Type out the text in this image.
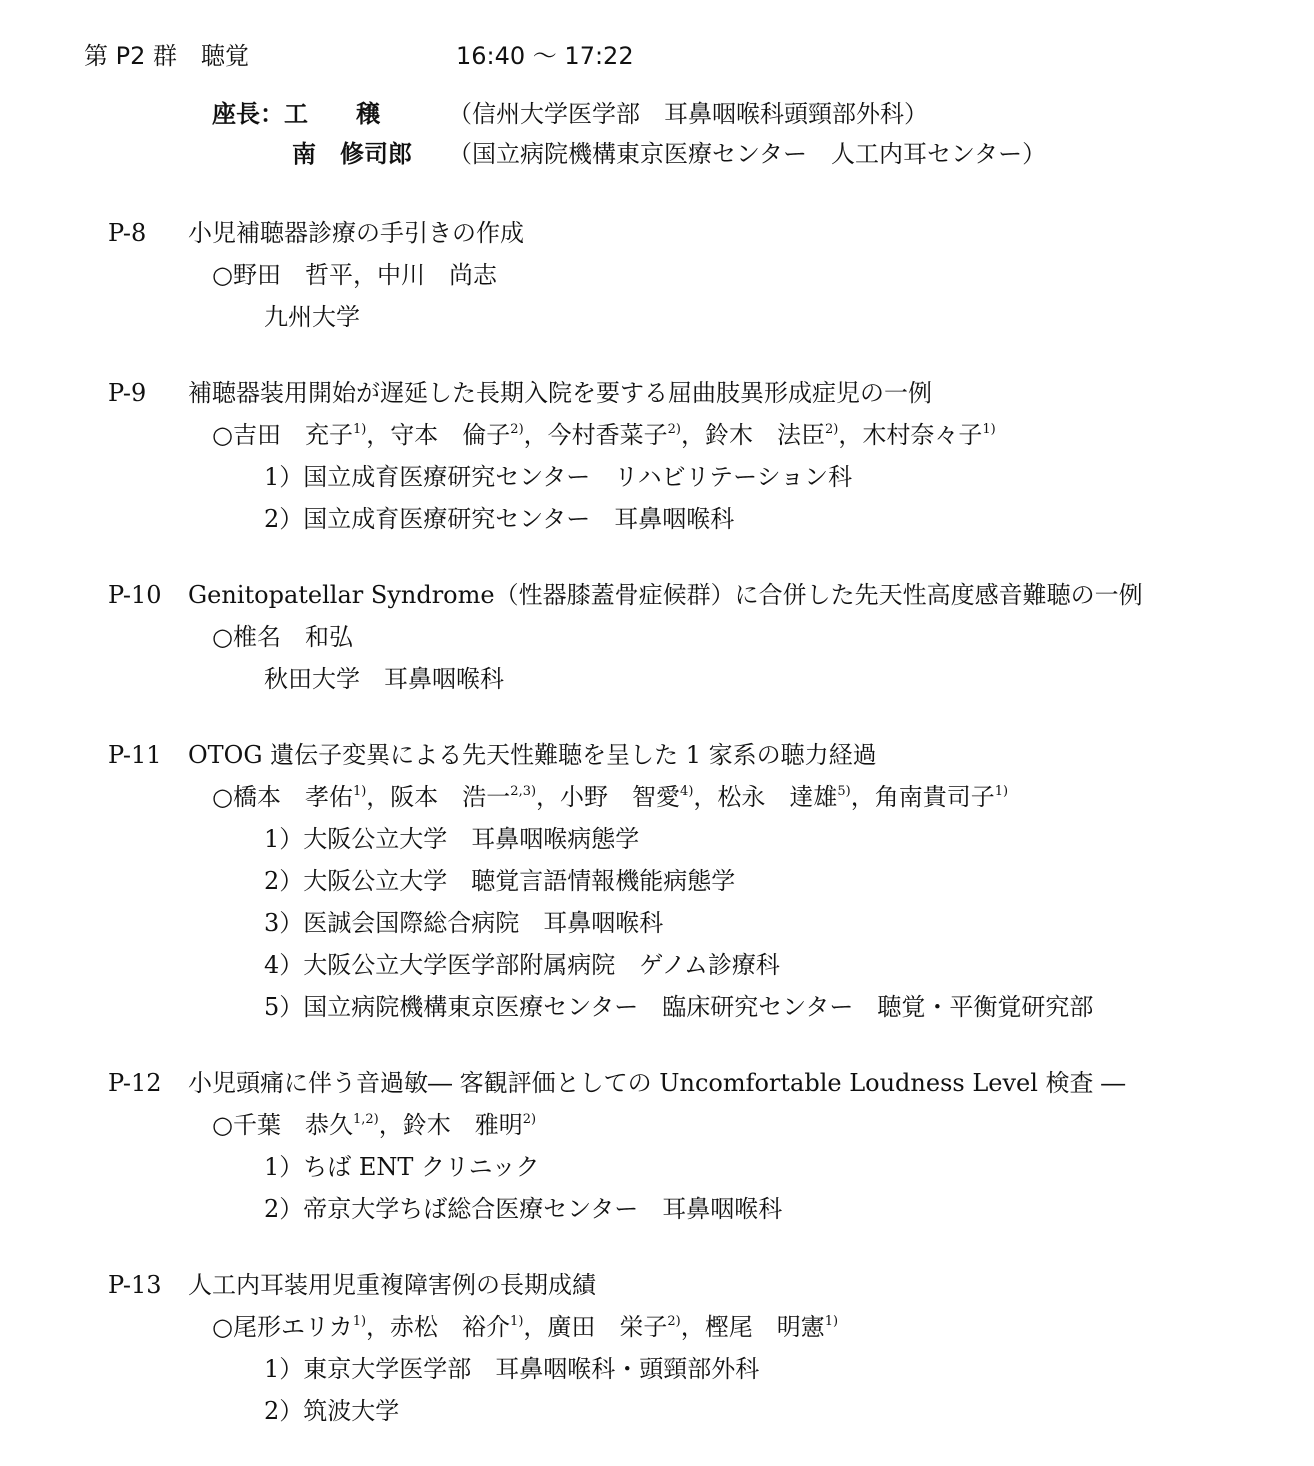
第 P2 群　聴覚	16:40 〜 17:22
座長：工　　穣	（信州大学医学部　耳鼻咽喉科頭頸部外科）
南　修司郎 （国立病院機構東京医療センター　人工内耳センター）
P-8	小児補聴器診療の手引きの作成
○野田　哲平，中川　尚志
九州大学
P-9	補聴器装用開始が遅延した長期入院を要する屈曲肢異形成症児の一例
○吉田　充子$^{1)}$，守本　倫子$^{2)}$，今村香菜子$^{2)}$，鈴木　法臣$^{2)}$，木村奈々子$^{1)}$
1）国立成育医療研究センター　リハビリテーション科
2）国立成育医療研究センター　耳鼻咽喉科
P-10	Genitopatellar Syndrome（性器膝蓋骨症候群）に合併した先天性高度感音難聴の一例
○椎名　和弘
秋田大学　耳鼻咽喉科
P-11	OTOG 遺伝子変異による先天性難聴を呈した 1 家系の聴力経過
○橋本　孝佑$^{1)}$，阪本　浩一$^{2,3)}$，小野　智愛$^{4)}$，松永　達雄$^{5)}$，角南貴司子$^{1)}$
1）大阪公立大学　耳鼻咽喉病態学
2）大阪公立大学　聴覚言語情報機能病態学
3）医誠会国際総合病院　耳鼻咽喉科
4）大阪公立大学医学部附属病院　ゲノム診療科
5）国立病院機構東京医療センター　臨床研究センター　聴覚・平衡覚研究部
P-12	小児頭痛に伴う音過敏― 客観評価としての Uncomfortable Loudness Level 検査 ―
○千葉　恭久$^{1,2)}$，鈴木　雅明$^{2)}$
1）ちば ENT クリニック
2）帝京大学ちば総合医療センター　耳鼻咽喉科
P-13	人工内耳装用児重複障害例の長期成績
○尾形エリカ$^{1)}$，赤松　裕介$^{1)}$，廣田　栄子$^{2)}$，樫尾　明憲$^{1)}$
1）東京大学医学部　耳鼻咽喉科・頭頸部外科
2）筑波大学
